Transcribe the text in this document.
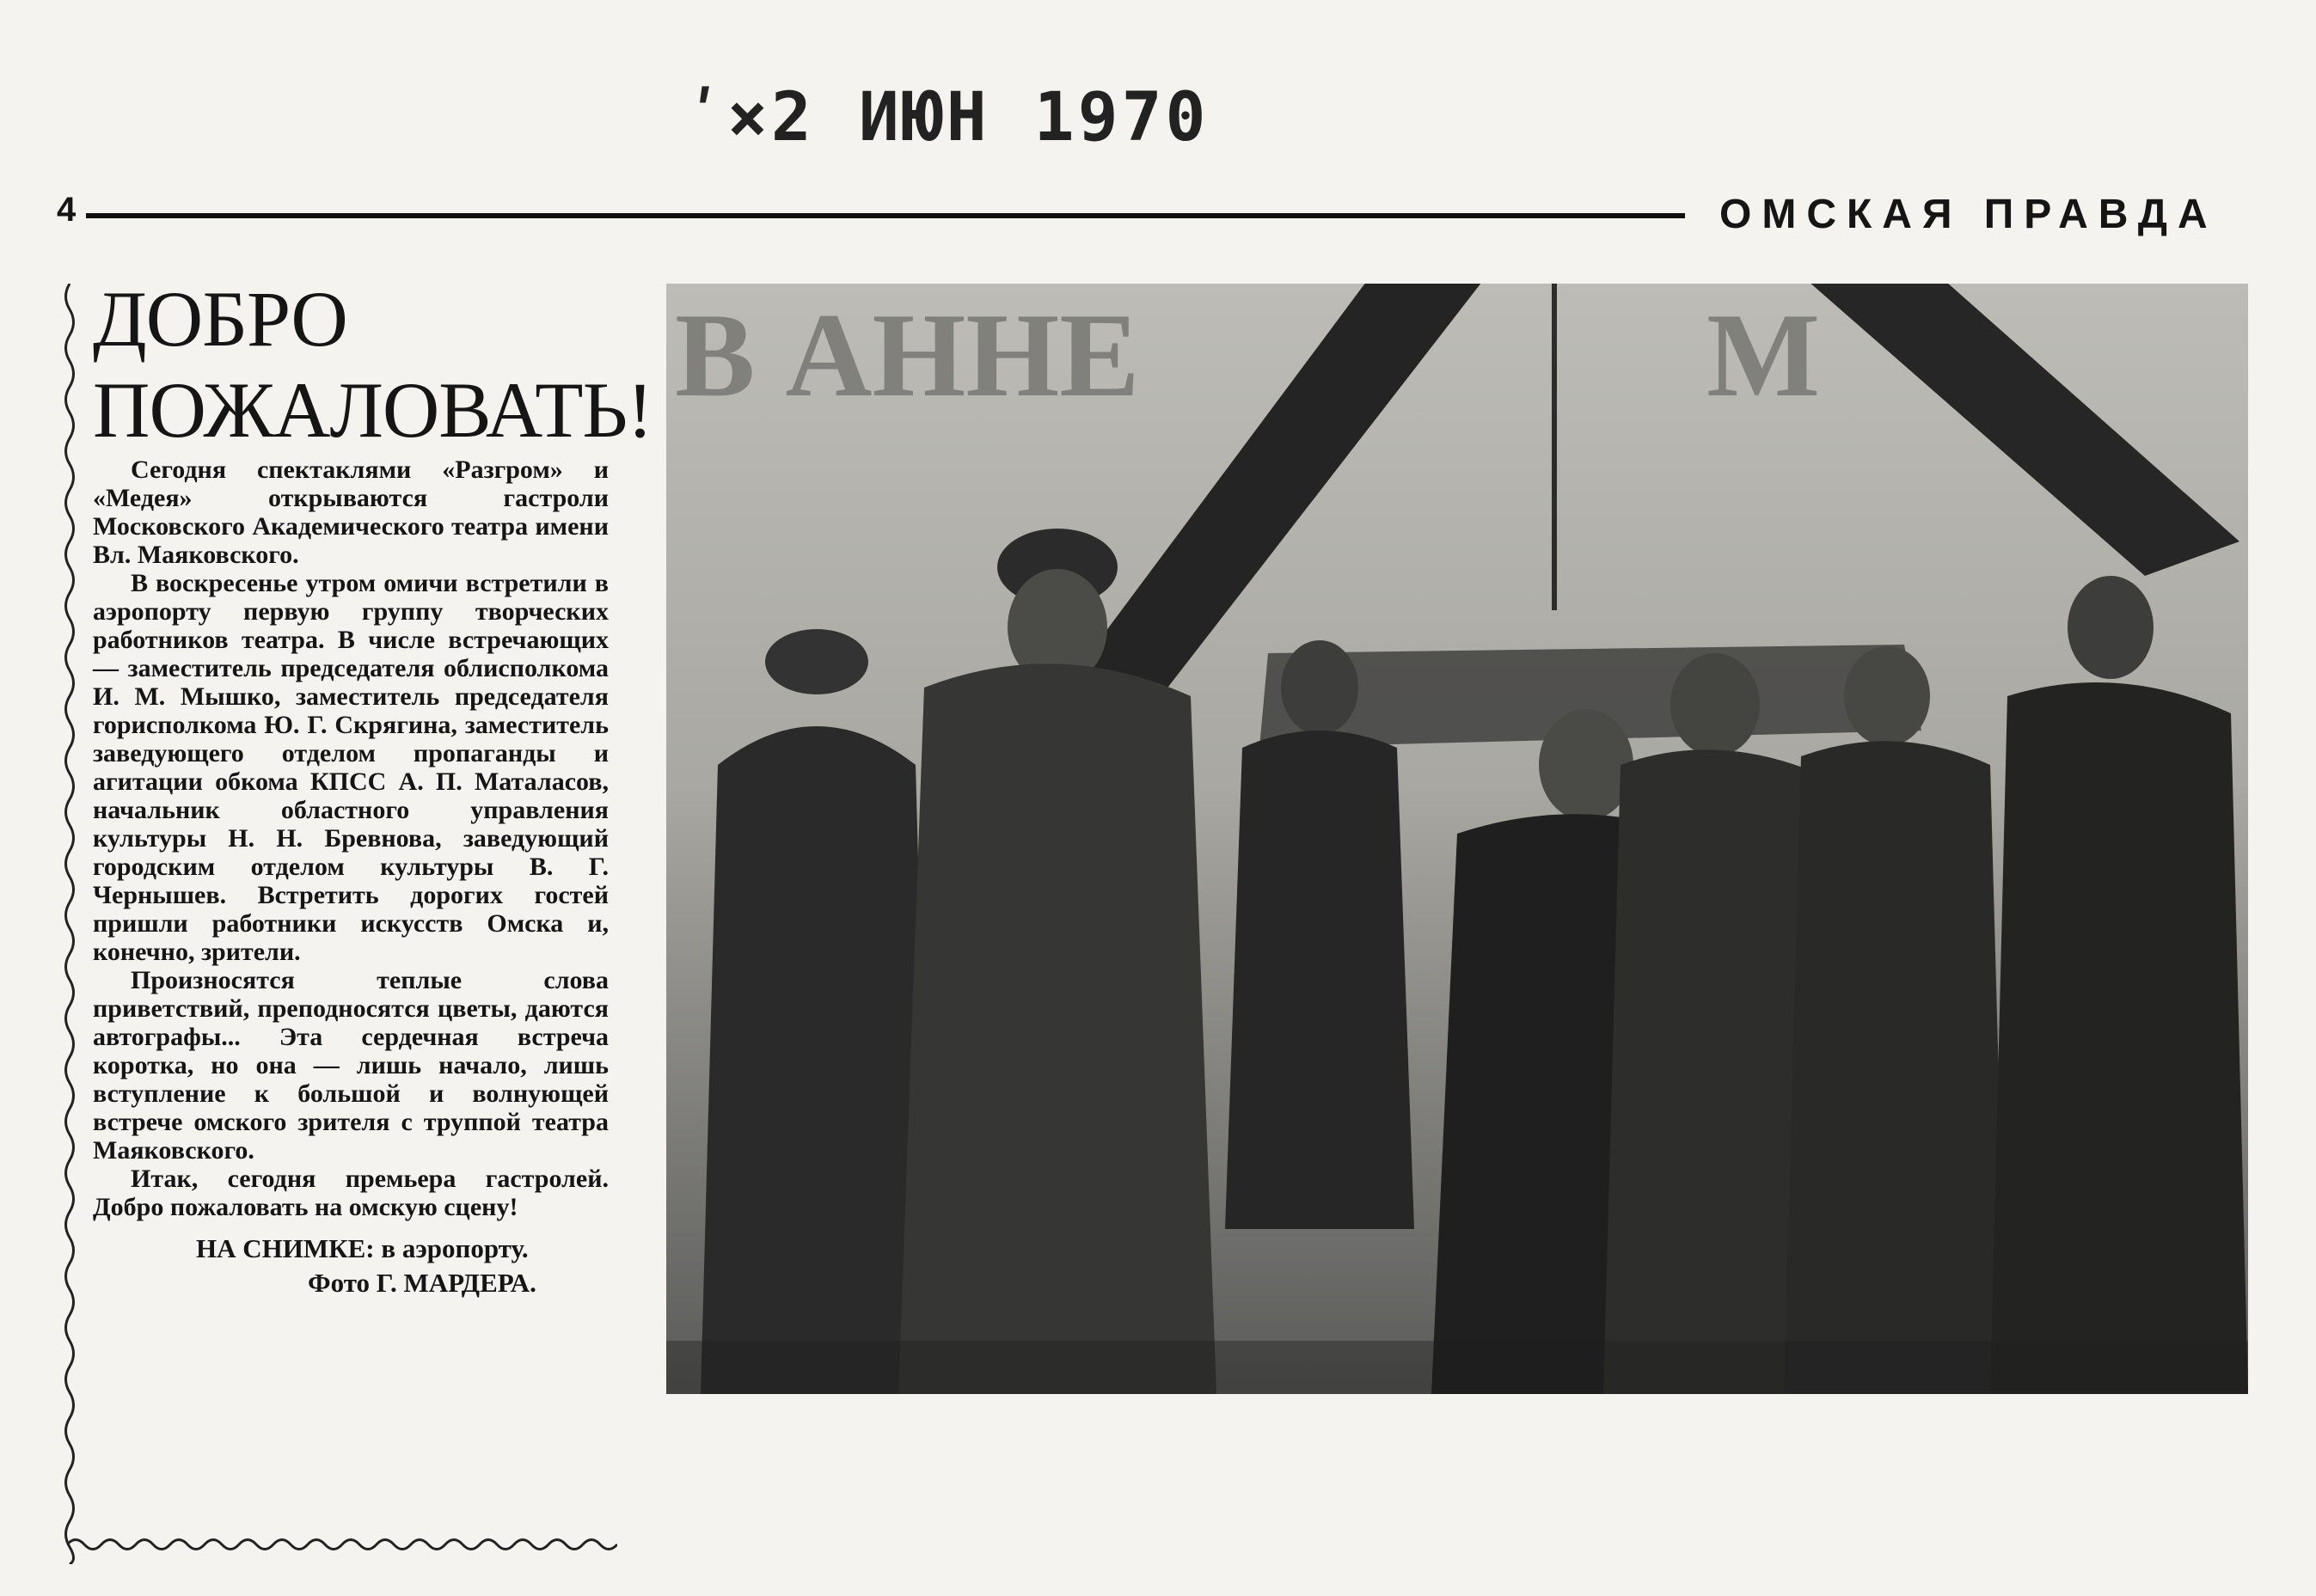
ʹ×2 ИЮН 1970
4	ОМСКАЯ ПРАВДА
ДОБРО
ПОЖАЛОВАТЬ!

Сегодня спектаклями «Разгром» и «Медея» открываются гастроли Московского Академического театра имени Вл. Маяковского.

В воскресенье утром омичи встретили в аэропорту первую группу творческих работников театра. В числе встречающих — заместитель председателя облисполкома И. М. Мышко, заместитель председателя горисполкома Ю. Г. Скрягина, заместитель заведующего отделом пропаганды и агитации обкома КПСС А. П. Маталасов, начальник областного управления культуры Н. Н. Бревнова, заведующий городским отделом культуры В. Г. Чернышев. Встретить дорогих гостей пришли работники искусств Омска и, конечно, зрители.

Произносятся теплые слова приветствий, преподносятся цветы, даются автографы... Эта сердечная встреча коротка, но она — лишь начало, лишь вступление к большой и волнующей встрече омского зрителя с труппой театра Маяковского.

Итак, сегодня премьера гастролей. Добро пожаловать на омскую сцену!

НА СНИМКЕ: в аэропорту.
Фото Г. МАРДЕРА.
В АННЕ	М
